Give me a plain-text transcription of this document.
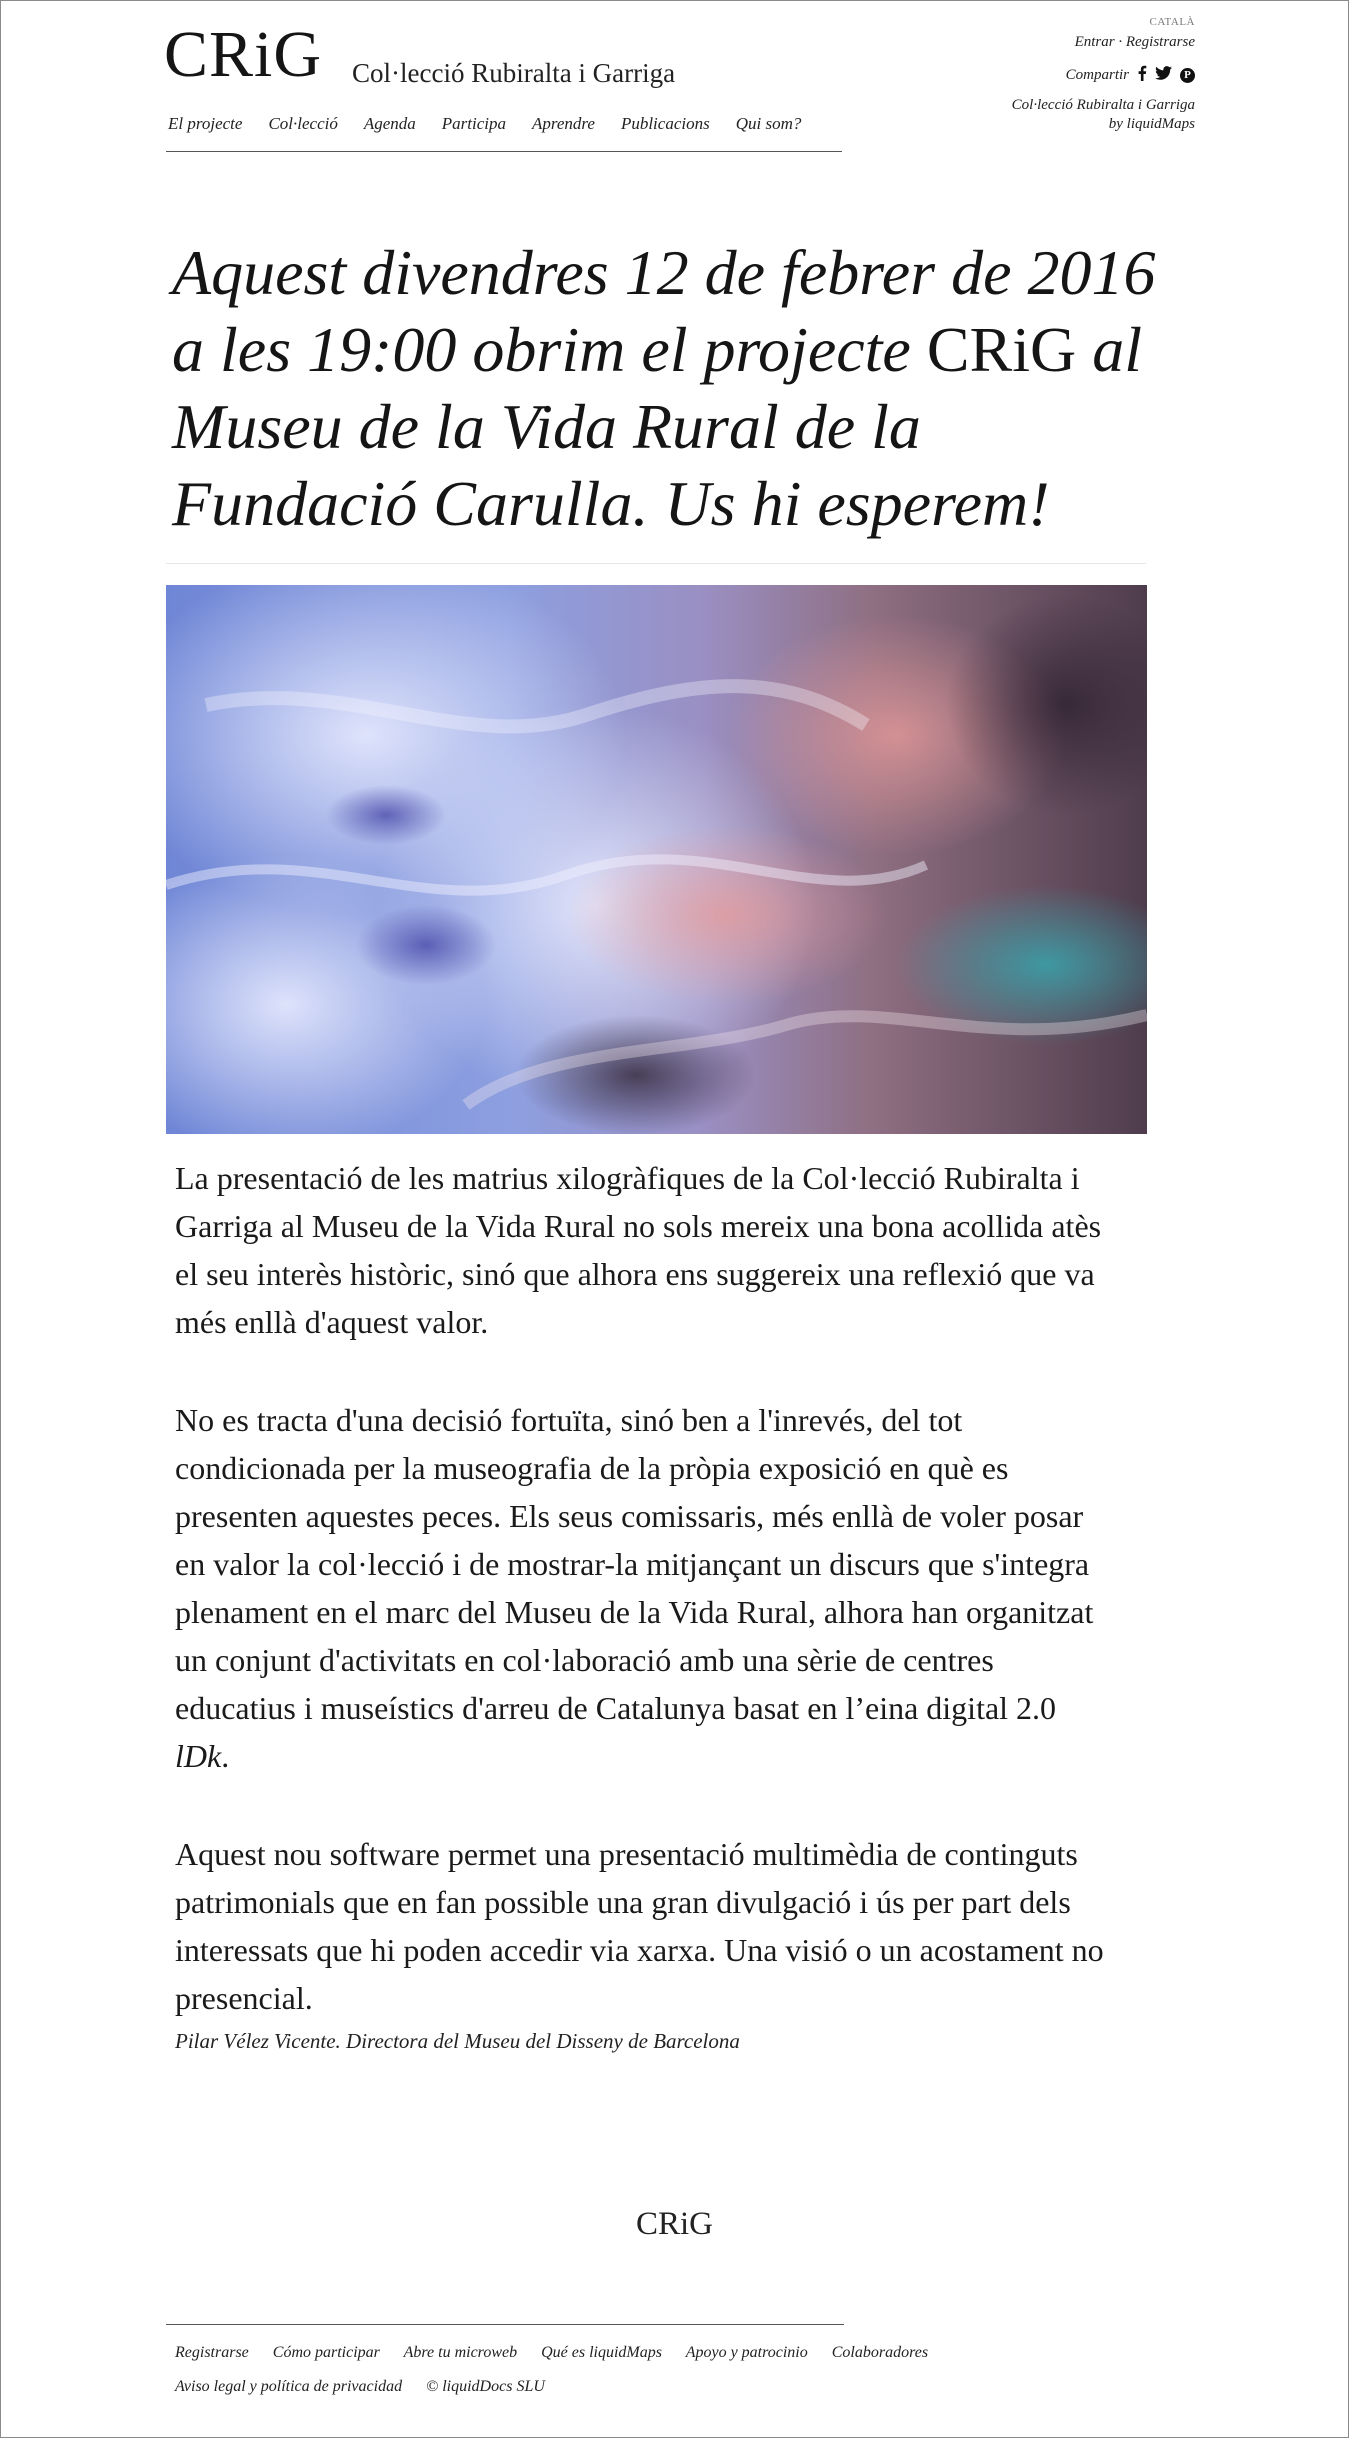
CRiG Col·lecció Rubiralta i Garriga
El projecte Col·lecció Agenda Participa Aprendre Publicacions Qui som?
CATALÀ
Entrar · Registrarse
Compartir	P
Col·lecció Rubiralta i Garriga
by liquidMaps
Aquest divendres 12 de febrer de 2016 a les 19:00 obrim el projecte CRiG al Museu de la Vida Rural de la Fundació Carulla. Us hi esperem!

La presentació de les matrius xilogràfiques de la Col·lecció Rubiralta i Garriga al Museu de la Vida Rural no sols mereix una bona acollida atès el seu interès històric, sinó que alhora ens suggereix una reflexió que va més enllà d'aquest valor.

No es tracta d'una decisió fortuïta, sinó ben a l'inrevés, del tot condicionada per la museografia de la pròpia exposició en què es presenten aquestes peces. Els seus comissaris, més enllà de voler posar en valor la col·lecció i de mostrar-la mitjançant un discurs que s'integra plenament en el marc del Museu de la Vida Rural, alhora han organitzat un conjunt d'activitats en col·laboració amb una sèrie de centres educatius i museístics d'arreu de Catalunya basat en l’eina digital 2.0 lDk.

Aquest nou software permet una presentació multimèdia de continguts patrimonials que en fan possible una gran divulgació i ús per part dels interessats que hi poden accedir via xarxa. Una visió o un acostament no presencial.

Pilar Vélez Vicente. Directora del Museu del Disseny de Barcelona
CRiG
Registrarse Cómo participar Abre tu microweb Qué es liquidMaps Apoyo y patrocinio Colaboradores
Aviso legal y política de privacidad © liquidDocs SLU
